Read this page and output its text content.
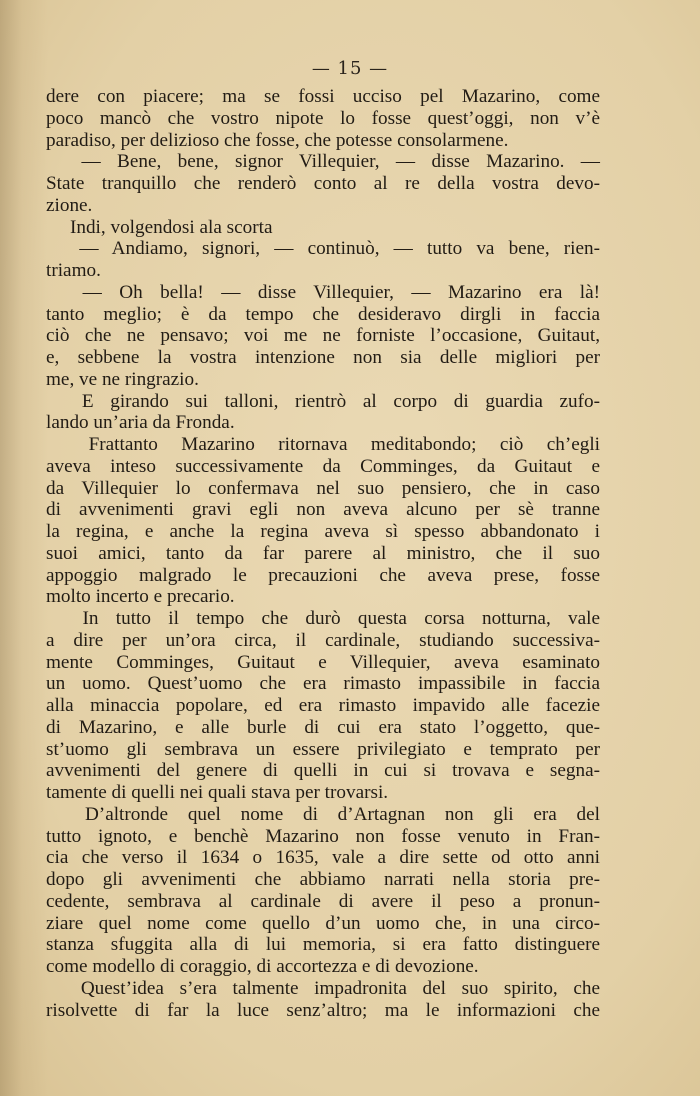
— 15 —
dere con piacere; ma se fossi ucciso pel Mazarino, come
poco mancò che vostro nipote lo fosse quest’oggi, non v’è
paradiso, per delizioso che fosse, che potesse consolarmene.
  — Bene, bene, signor Villequier, — disse Mazarino. —
State tranquillo che renderò conto al re della vostra devo-
zione.
  Indi, volgendosi ala scorta
  — Andiamo, signori, — continuò, — tutto va bene, rien-
triamo.
  — Oh bella! — disse Villequier, — Mazarino era là!
tanto meglio; è da tempo che desideravo dirgli in faccia
ciò che ne pensavo; voi me ne forniste l’occasione, Guitaut,
e, sebbene la vostra intenzione non sia delle migliori per
me, ve ne ringrazio.
  E girando sui talloni, rientrò al corpo di guardia zufo-
lando un’aria da Fronda.
  Frattanto Mazarino ritornava meditabondo; ciò ch’egli
aveva inteso successivamente da Comminges, da Guitaut e
da Villequier lo confermava nel suo pensiero, che in caso
di avvenimenti gravi egli non aveva alcuno per sè tranne
la regina, e anche la regina aveva sì spesso abbandonato i
suoi amici, tanto da far parere al ministro, che il suo
appoggio malgrado le precauzioni che aveva prese, fosse
molto incerto e precario.
  In tutto il tempo che durò questa corsa notturna, vale
a dire per un’ora circa, il cardinale, studiando successiva-
mente Comminges, Guitaut e Villequier, aveva esaminato
un uomo. Quest’uomo che era rimasto impassibile in faccia
alla minaccia popolare, ed era rimasto impavido alle facezie
di Mazarino, e alle burle di cui era stato l’oggetto, que-
st’uomo gli sembrava un essere privilegiato e temprato per
avvenimenti del genere di quelli in cui si trovava e segna-
tamente di quelli nei quali stava per trovarsi.
  D’altronde quel nome di d’Artagnan non gli era del
tutto ignoto, e benchè Mazarino non fosse venuto in Fran-
cia che verso il 1634 o 1635, vale a dire sette od otto anni
dopo gli avvenimenti che abbiamo narrati nella storia pre-
cedente, sembrava al cardinale di avere il peso a pronun-
ziare quel nome come quello d’un uomo che, in una circo-
stanza sfuggita alla di lui memoria, si era fatto distinguere
come modello di coraggio, di accortezza e di devozione.
  Quest’idea s’era talmente impadronita del suo spirito, che
risolvette di far la luce senz’altro; ma le informazioni che
